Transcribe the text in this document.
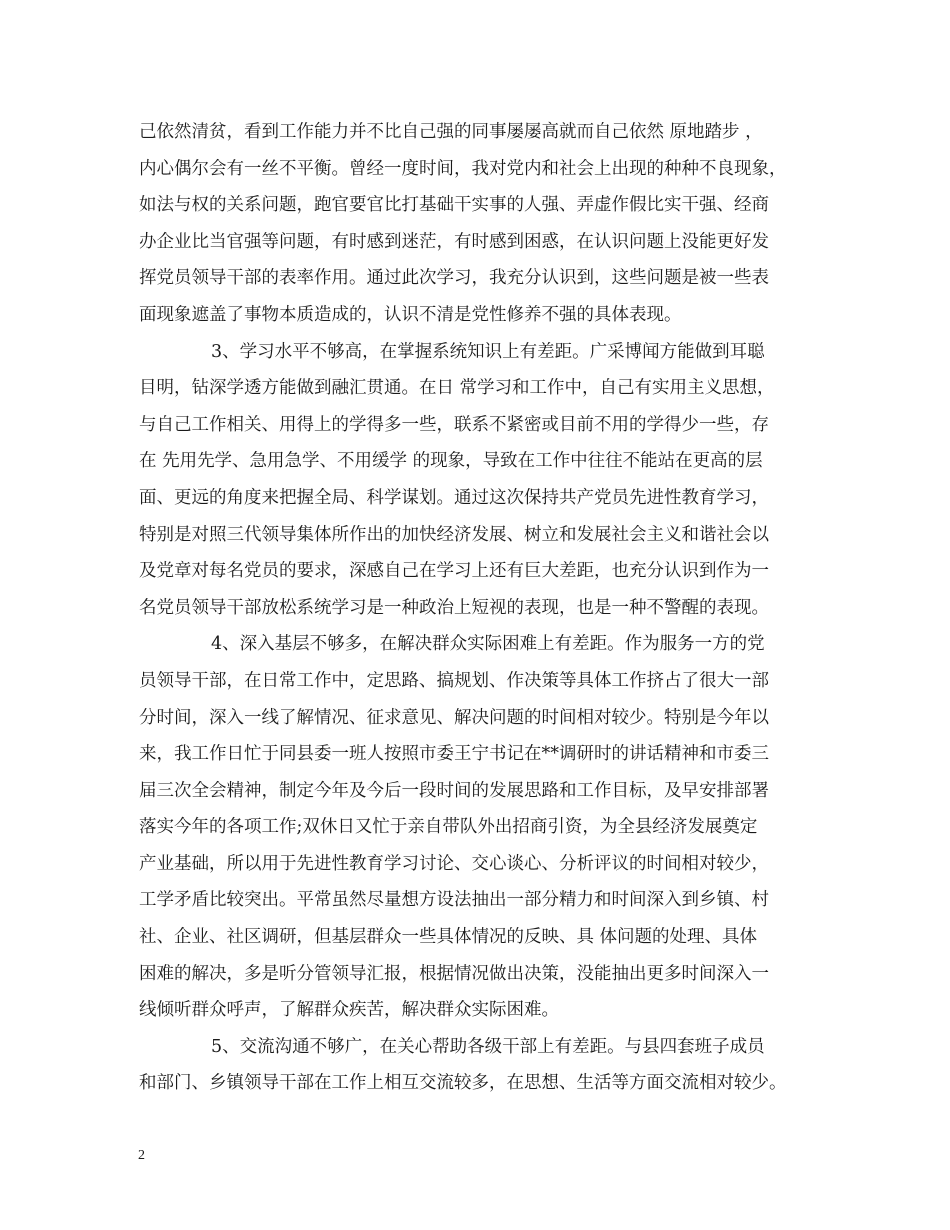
己依然清贫，看到工作能力并不比自己强的同事屡屡高就而自己依然 原地踏步 ，
内心偶尔会有一丝不平衡。曾经一度时间，我对党内和社会上出现的种种不良现象，
如法与权的关系问题，跑官要官比打基础干实事的人强、弄虚作假比实干强、经商
办企业比当官强等问题，有时感到迷茫，有时感到困惑，在认识问题上没能更好发
挥党员领导干部的表率作用。通过此次学习，我充分认识到，这些问题是被一些表
面现象遮盖了事物本质造成的，认识不清是党性修养不强的具体表现。
3、学习水平不够高，在掌握系统知识上有差距。广采博闻方能做到耳聪
目明，钻深学透方能做到融汇贯通。在日 常学习和工作中，自己有实用主义思想，
与自己工作相关、用得上的学得多一些，联系不紧密或目前不用的学得少一些，存
在 先用先学、急用急学、不用缓学 的现象，导致在工作中往往不能站在更高的层
面、更远的角度来把握全局、科学谋划。通过这次保持共产党员先进性教育学习，
特别是对照三代领导集体所作出的加快经济发展、树立和发展社会主义和谐社会以
及党章对每名党员的要求，深感自己在学习上还有巨大差距，也充分认识到作为一
名党员领导干部放松系统学习是一种政治上短视的表现，也是一种不警醒的表现。
4、深入基层不够多，在解决群众实际困难上有差距。作为服务一方的党
员领导干部，在日常工作中，定思路、搞规划、作决策等具体工作挤占了很大一部
分时间，深入一线了解情况、征求意见、解决问题的时间相对较少。特别是今年以
来，我工作日忙于同县委一班人按照市委王宁书记在**调研时的讲话精神和市委三
届三次全会精神，制定今年及今后一段时间的发展思路和工作目标，及早安排部署
落实今年的各项工作;双休日又忙于亲自带队外出招商引资，为全县经济发展奠定
产业基础，所以用于先进性教育学习讨论、交心谈心、分析评议的时间相对较少，
工学矛盾比较突出。平常虽然尽量想方设法抽出一部分精力和时间深入到乡镇、村
社、企业、社区调研，但基层群众一些具体情况的反映、具 体问题的处理、具体
困难的解决，多是听分管领导汇报，根据情况做出决策，没能抽出更多时间深入一
线倾听群众呼声，了解群众疾苦，解决群众实际困难。
5、交流沟通不够广，在关心帮助各级干部上有差距。与县四套班子成员
和部门、乡镇领导干部在工作上相互交流较多，在思想、生活等方面交流相对较少。
2
